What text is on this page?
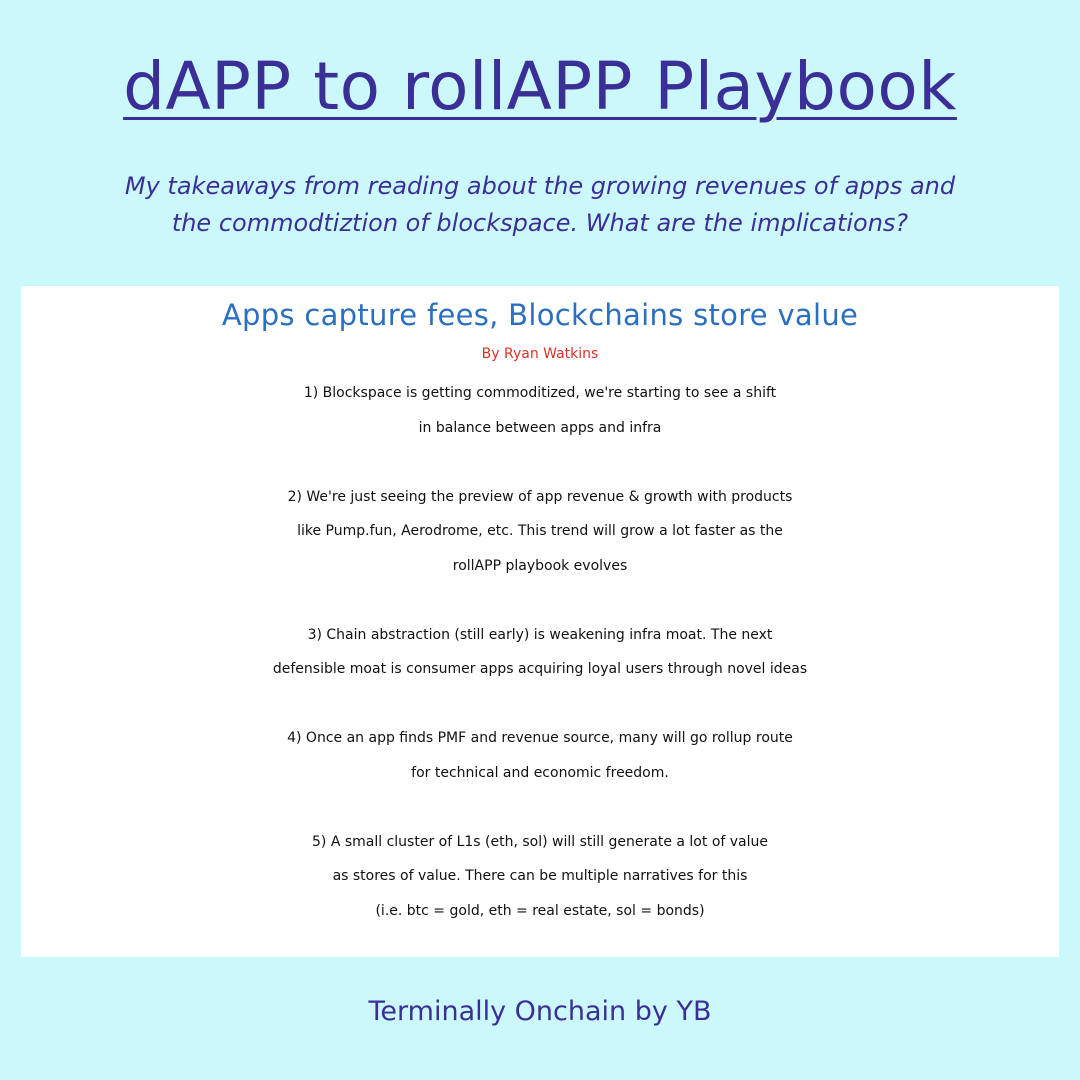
dAPP to rollAPP Playbook
My takeaways from reading about the growing revenues of apps and
the commodtiztion of blockspace. What are the implications?
Apps capture fees, Blockchains store value
By Ryan Watkins
1) Blockspace is getting commoditized, we're starting to see a shift
in balance between apps and infra
2) We're just seeing the preview of app revenue & growth with products
like Pump.fun, Aerodrome, etc. This trend will grow a lot faster as the
rollAPP playbook evolves
3) Chain abstraction (still early) is weakening infra moat. The next
defensible moat is consumer apps acquiring loyal users through novel ideas
4) Once an app finds PMF and revenue source, many will go rollup route
for technical and economic freedom.
5) A small cluster of L1s (eth, sol) will still generate a lot of value
as stores of value. There can be multiple narratives for this
(i.e. btc = gold, eth = real estate, sol = bonds)
Terminally Onchain by YB
